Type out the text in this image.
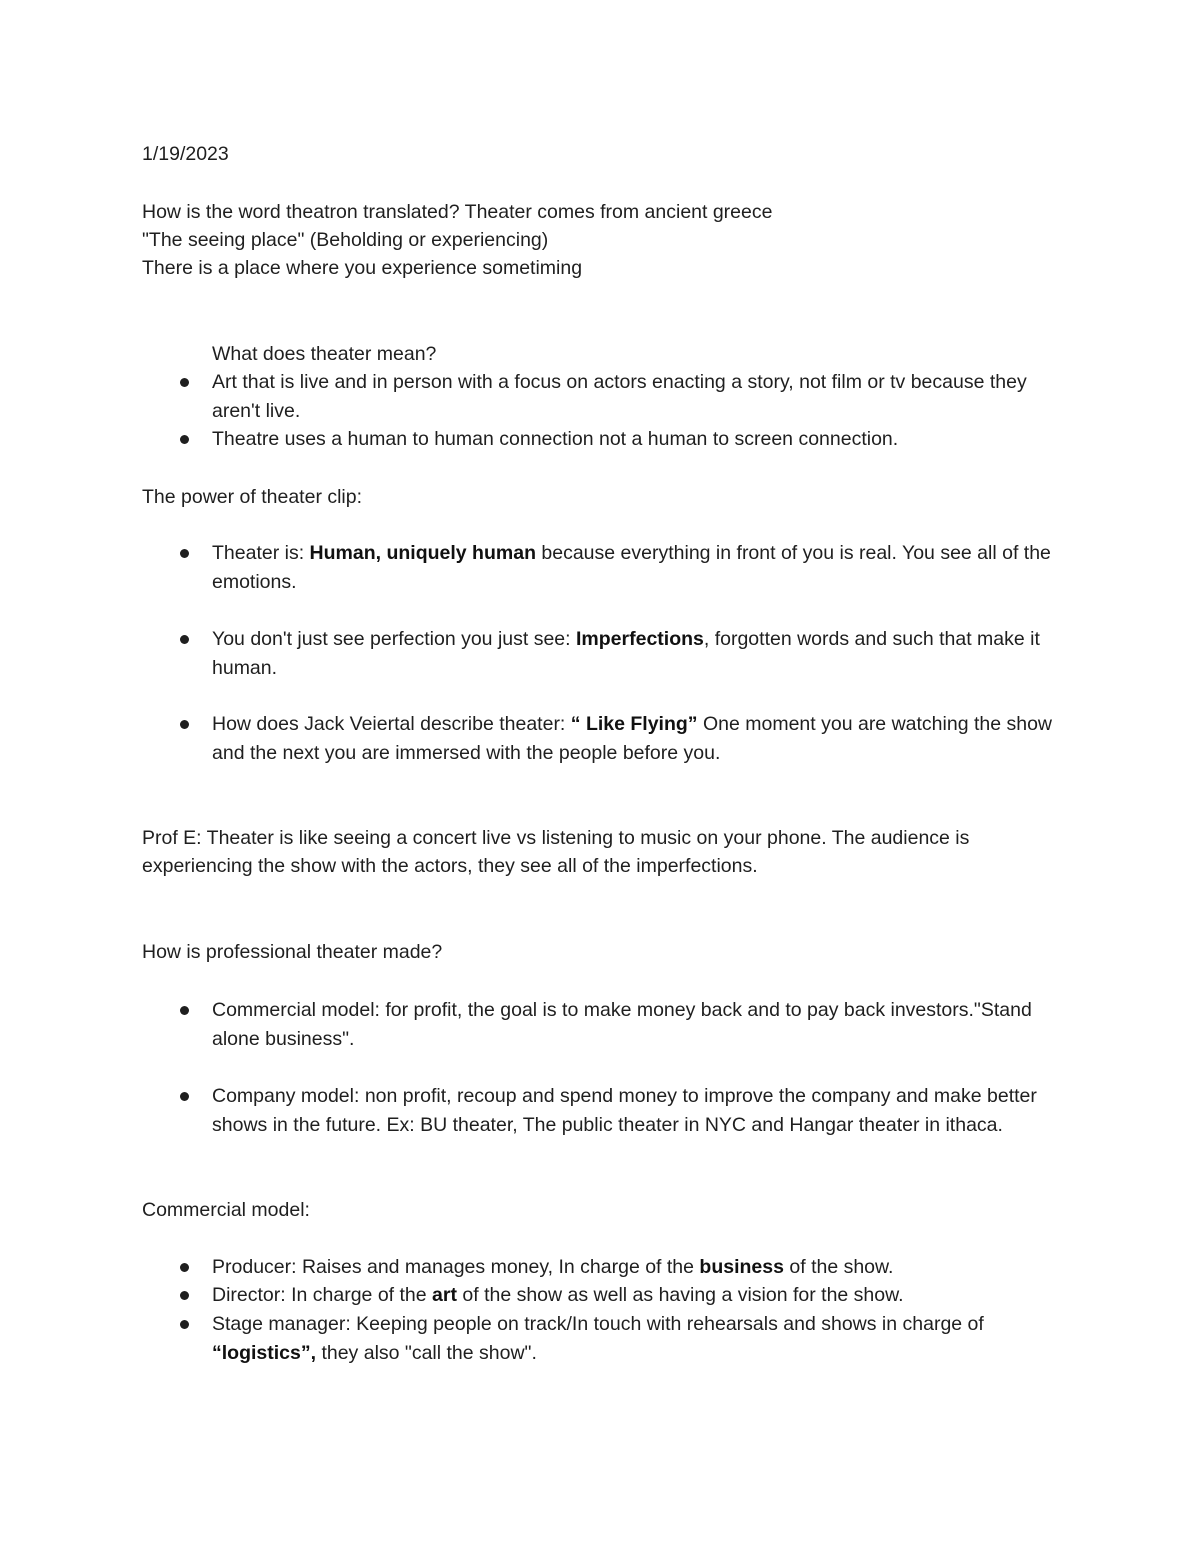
1/19/2023
How is the word theatron translated? Theater comes from ancient greece
"The seeing place" (Beholding or experiencing)
There is a place where you experience sometiming
What does theater mean?
Art that is live and in person with a focus on actors enacting a story, not film or tv because they aren't live.
Theatre uses a human to human connection not a human to screen connection.
The power of theater clip:
Theater is: Human, uniquely human because everything in front of you is real. You see all of the emotions.
You don't just see perfection you just see: Imperfections, forgotten words and such that make it human.
How does Jack Veiertal describe theater: “ Like Flying” One moment you are watching the show and the next you are immersed with the people before you.
Prof E: Theater is like seeing a concert live vs listening to music on your phone. The audience is
experiencing the show with the actors, they see all of the imperfections.
How is professional theater made?
Commercial model: for profit, the goal is to make money back and to pay back investors."Stand alone business".
Company model: non profit, recoup and spend money to improve the company and make better shows in the future. Ex: BU theater, The public theater in NYC and Hangar theater in ithaca.
Commercial model:
Producer: Raises and manages money, In charge of the business of the show.
Director: In charge of the art of the show as well as having a vision for the show.
Stage manager: Keeping people on track/In touch with rehearsals and shows in charge of “logistics”, they also "call the show".
